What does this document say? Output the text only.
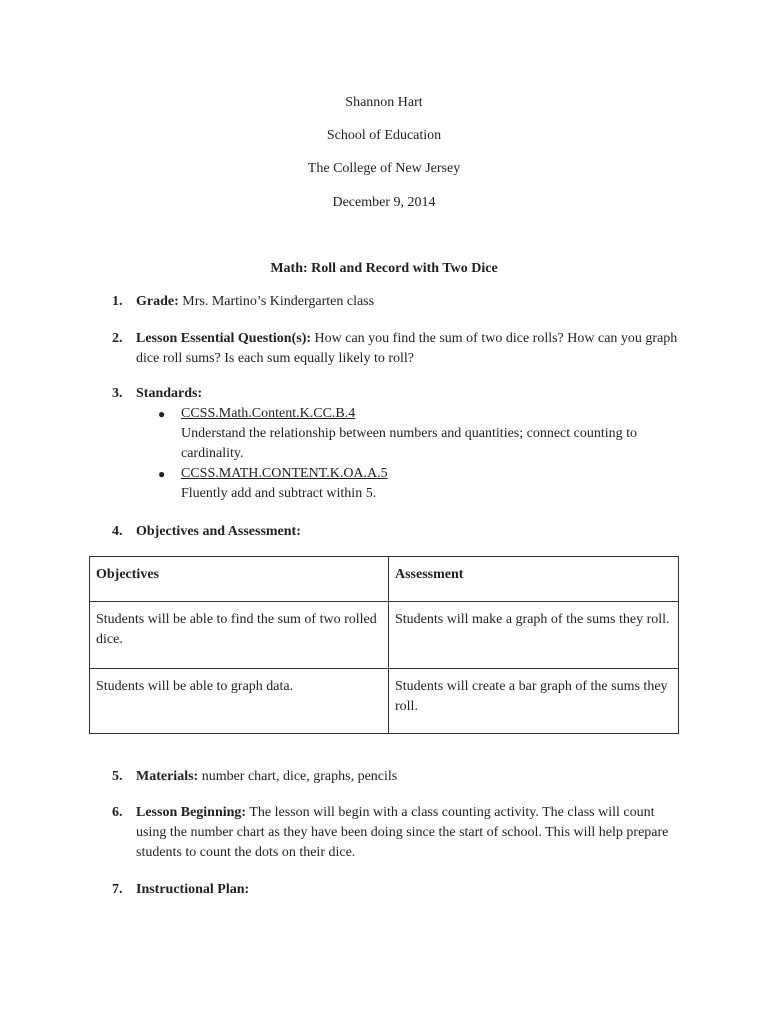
Shannon Hart
School of Education
The College of New Jersey
December 9, 2014
Math: Roll and Record with Two Dice
1. Grade: Mrs. Martino’s Kindergarten class
2. Lesson Essential Question(s): How can you find the sum of two dice rolls? How can you graph dice roll sums? Is each sum equally likely to roll?
3. Standards:
● CCSS.Math.Content.K.CC.B.4
Understand the relationship between numbers and quantities; connect counting to cardinality.
● CCSS.MATH.CONTENT.K.OA.A.5
Fluently add and subtract within 5.
4. Objectives and Assessment:
Objectives	Assessment
Students will be able to find the sum of two rolled dice.	Students will make a graph of the sums they roll.
Students will be able to graph data.	Students will create a bar graph of the sums they roll.
5. Materials: number chart, dice, graphs, pencils
6. Lesson Beginning: The lesson will begin with a class counting activity. The class will count using the number chart as they have been doing since the start of school. This will help prepare students to count the dots on their dice.
7. Instructional Plan:
